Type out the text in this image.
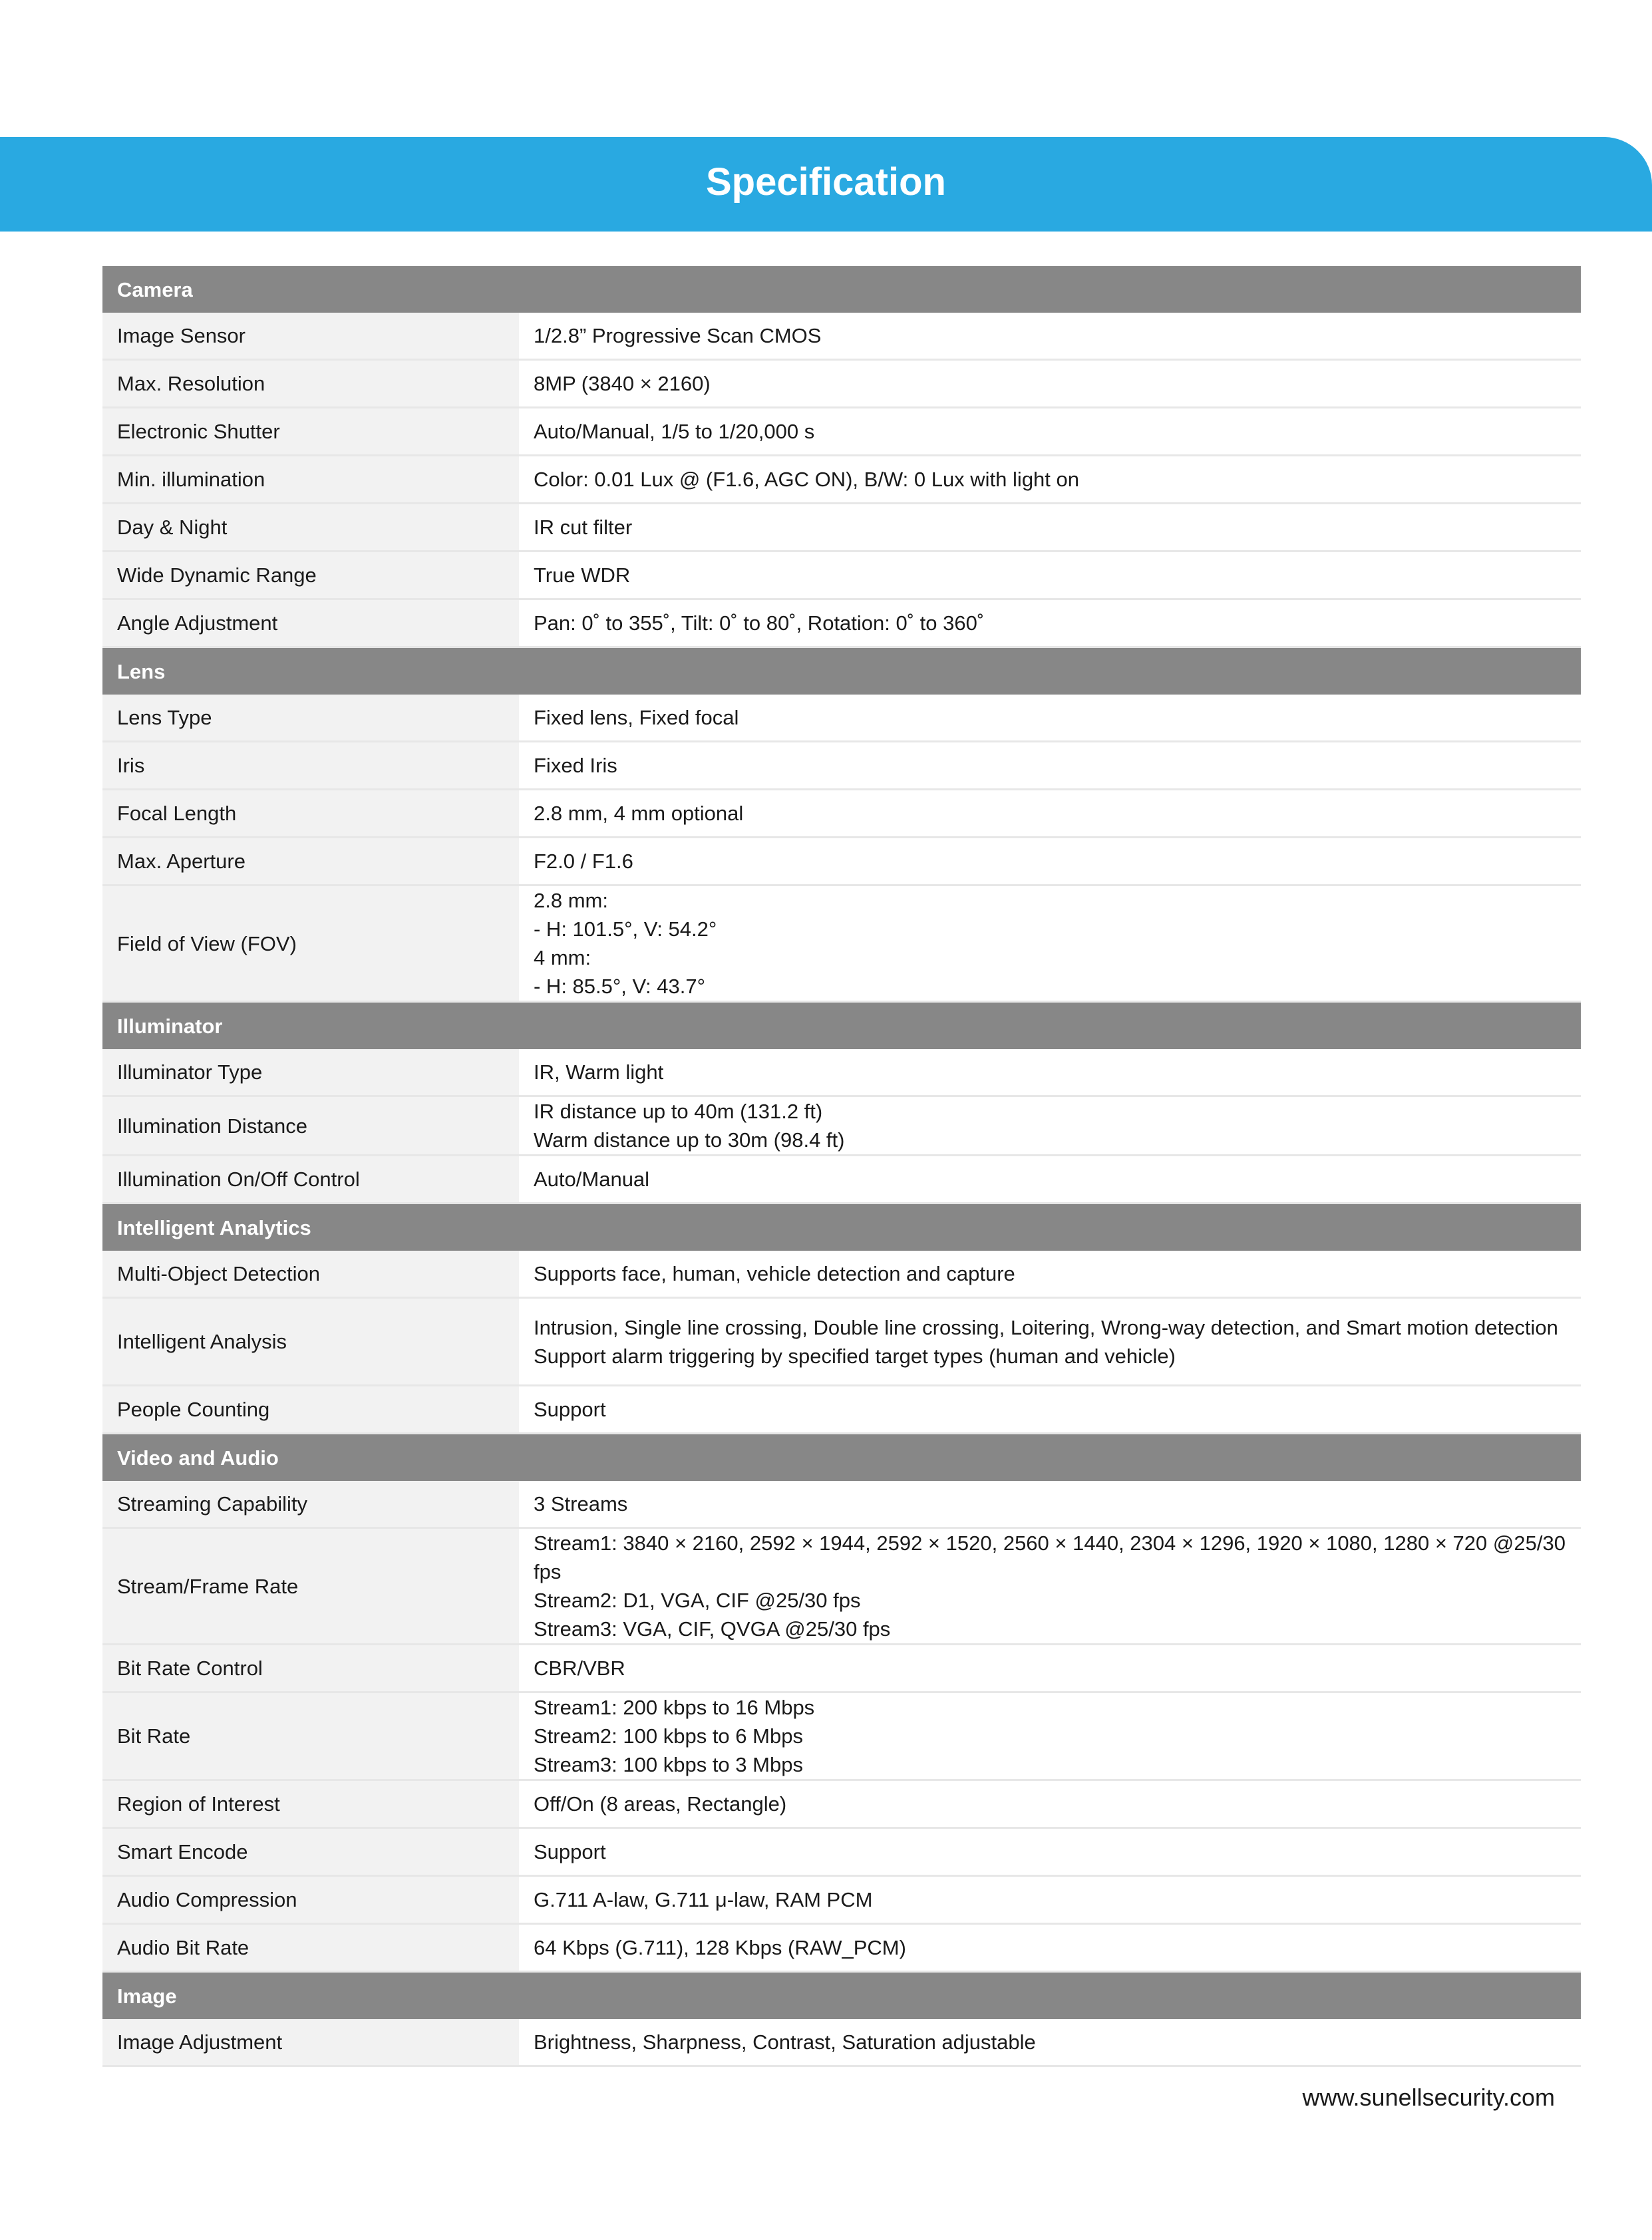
Specification
Camera	
Image Sensor	1/2.8” Progressive Scan CMOS
Max. Resolution	8MP (3840 × 2160)
Electronic Shutter	Auto/Manual, 1/5 to 1/20,000 s
Min. illumination	Color: 0.01 Lux @ (F1.6, AGC ON), B/W: 0 Lux with light on
Day & Night	IR cut filter
Wide Dynamic Range	True WDR
Angle Adjustment	Pan: 0˚ to 355˚, Tilt: 0˚ to 80˚, Rotation: 0˚ to 360˚
Lens	
Lens Type	Fixed lens, Fixed focal
Iris	Fixed Iris
Focal Length	2.8 mm, 4 mm optional
Max. Aperture	F2.0 / F1.6
Field of View (FOV)	2.8 mm:
- H: 101.5°, V: 54.2°
4 mm:
- H: 85.5°, V: 43.7°
Illuminator	
Illuminator Type	IR, Warm light
Illumination Distance	IR distance up to 40m (131.2 ft)
Warm distance up to 30m (98.4 ft)
Illumination On/Off Control	Auto/Manual
Intelligent Analytics	
Multi-Object Detection	Supports face, human, vehicle detection and capture
Intelligent Analysis	Intrusion, Single line crossing, Double line crossing, Loitering, Wrong-way detection, and Smart motion detection
Support alarm triggering by specified target types (human and vehicle)
People Counting	Support
Video and Audio	
Streaming Capability	3 Streams
Stream/Frame Rate	Stream1: 3840 × 2160, 2592 × 1944, 2592 × 1520, 2560 × 1440, 2304 × 1296, 1920 × 1080, 1280 × 720 @25/30 fps
Stream2: D1, VGA, CIF @25/30 fps
Stream3: VGA, CIF, QVGA @25/30 fps
Bit Rate Control	CBR/VBR
Bit Rate	Stream1: 200 kbps to 16 Mbps
Stream2: 100 kbps to 6 Mbps
Stream3: 100 kbps to 3 Mbps
Region of Interest	Off/On (8 areas, Rectangle)
Smart Encode	Support
Audio Compression	G.711 A-law, G.711 μ-law, RAM PCM
Audio Bit Rate	64 Kbps (G.711), 128 Kbps (RAW_PCM)
Image	
Image Adjustment	Brightness, Sharpness, Contrast, Saturation adjustable
www.sunellsecurity.com
